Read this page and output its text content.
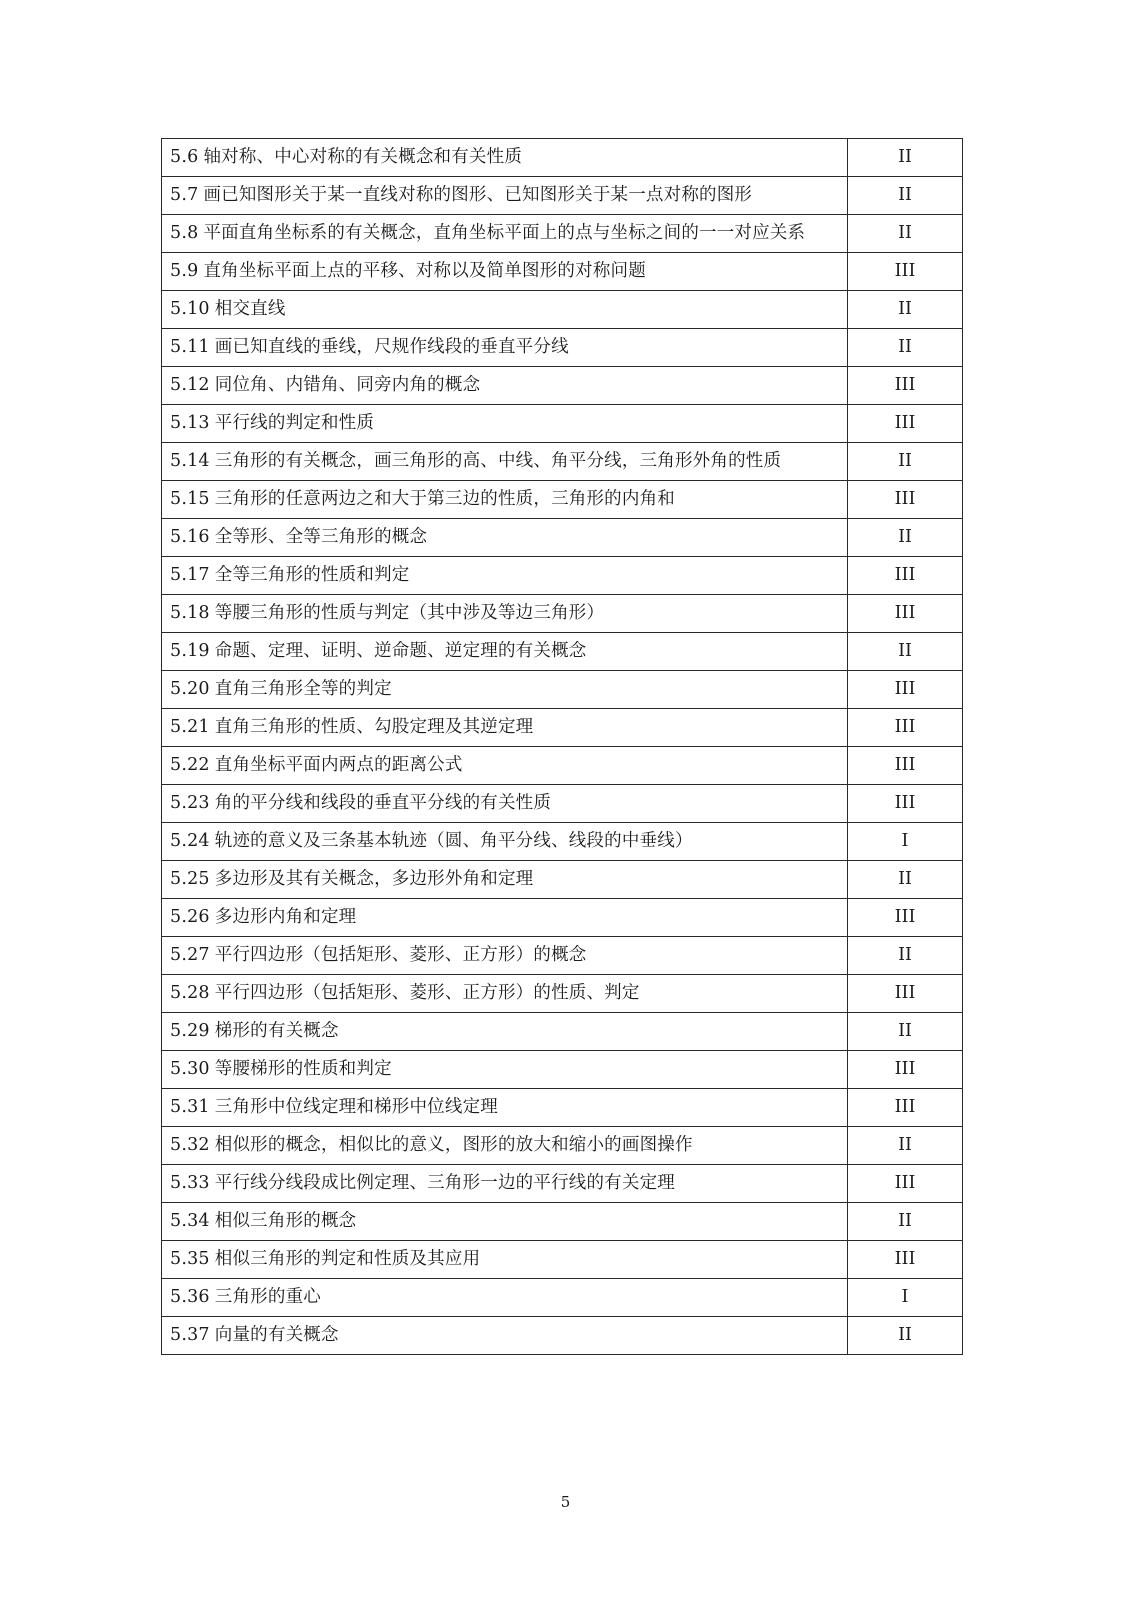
5.6 轴对称、中心对称的有关概念和有关性质	II

5.7 画已知图形关于某一直线对称的图形、已知图形关于某一点对称的图形	II

5.8 平面直角坐标系的有关概念，直角坐标平面上的点与坐标之间的一一对应关系	II

5.9 直角坐标平面上点的平移、对称以及简单图形的对称问题	III

5.10 相交直线	II

5.11 画已知直线的垂线，尺规作线段的垂直平分线	II

5.12 同位角、内错角、同旁内角的概念	III

5.13 平行线的判定和性质	III

5.14 三角形的有关概念，画三角形的高、中线、角平分线，三角形外角的性质	II

5.15 三角形的任意两边之和大于第三边的性质，三角形的内角和	III

5.16 全等形、全等三角形的概念	II

5.17 全等三角形的性质和判定	III

5.18 等腰三角形的性质与判定（其中涉及等边三角形）	III

5.19 命题、定理、证明、逆命题、逆定理的有关概念	II

5.20 直角三角形全等的判定	III

5.21 直角三角形的性质、勾股定理及其逆定理	III

5.22 直角坐标平面内两点的距离公式	III

5.23 角的平分线和线段的垂直平分线的有关性质	III

5.24 轨迹的意义及三条基本轨迹（圆、角平分线、线段的中垂线）	I

5.25 多边形及其有关概念，多边形外角和定理	II

5.26 多边形内角和定理	III

5.27 平行四边形（包括矩形、菱形、正方形）的概念	II

5.28 平行四边形（包括矩形、菱形、正方形）的性质、判定	III

5.29 梯形的有关概念	II

5.30 等腰梯形的性质和判定	III

5.31 三角形中位线定理和梯形中位线定理	III

5.32 相似形的概念，相似比的意义，图形的放大和缩小的画图操作	II

5.33 平行线分线段成比例定理、三角形一边的平行线的有关定理	III

5.34 相似三角形的概念	II

5.35 相似三角形的判定和性质及其应用	III

5.36 三角形的重心	I

5.37 向量的有关概念	II
5
